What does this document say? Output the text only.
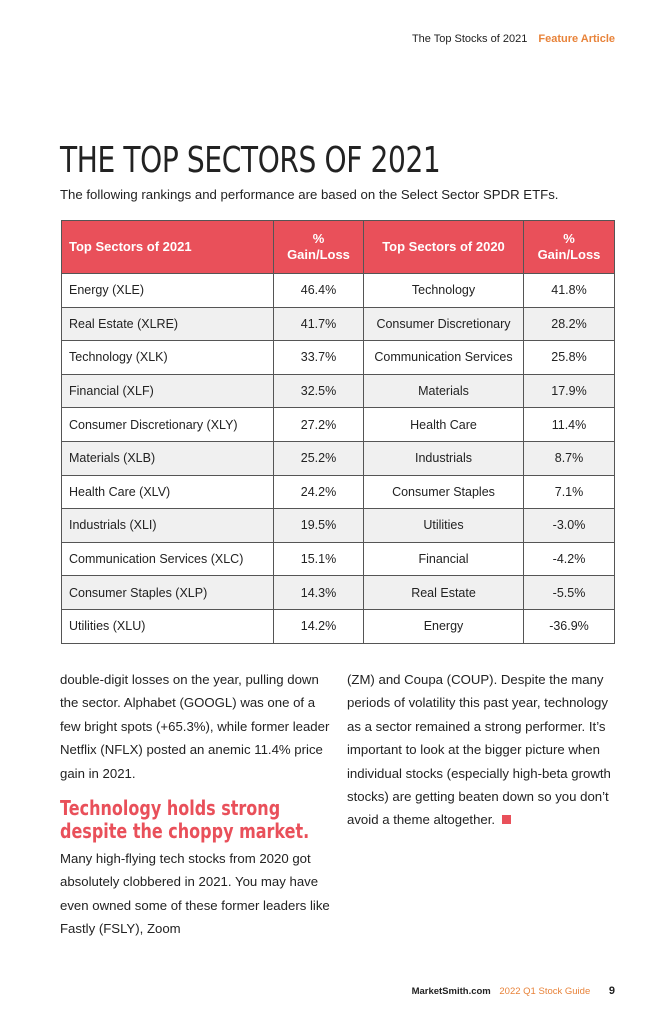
The Top Stocks of 2021 Feature Article
THE TOP SECTORS OF 2021
The following rankings and performance are based on the Select Sector SPDR ETFs.
Top Sectors of 2021	% Gain/Loss	Top Sectors of 2020	% Gain/Loss
Energy (XLE)	46.4%	Technology	41.8%
Real Estate (XLRE)	41.7%	Consumer Discretionary	28.2%
Technology (XLK)	33.7%	Communication Services	25.8%
Financial (XLF)	32.5%	Materials	17.9%
Consumer Discretionary (XLY)	27.2%	Health Care	11.4%
Materials (XLB)	25.2%	Industrials	8.7%
Health Care (XLV)	24.2%	Consumer Staples	7.1%
Industrials (XLI)	19.5%	Utilities	-3.0%
Communication Services (XLC)	15.1%	Financial	-4.2%
Consumer Staples (XLP)	14.3%	Real Estate	-5.5%
Utilities (XLU)	14.2%	Energy	-36.9%

double-digit losses on the year, pulling down the sector. Alphabet (GOOGL) was one of a few bright spots (+65.3%), while former leader Netflix (NFLX) posted an anemic 11.4% price gain in 2021.

Technology holds strong despite the choppy market.

Many high-flying tech stocks from 2020 got absolutely clobbered in 2021. You may have even owned some of these former leaders like Fastly (FSLY), Zoom

(ZM) and Coupa (COUP). Despite the many periods of volatility this past year, technology as a sector remained a strong performer. It’s important to look at the bigger picture when individual stocks (especially high-beta growth stocks) are getting beaten down so you don’t avoid a theme altogether.

MarketSmith.com 2022 Q1 Stock Guide 9
